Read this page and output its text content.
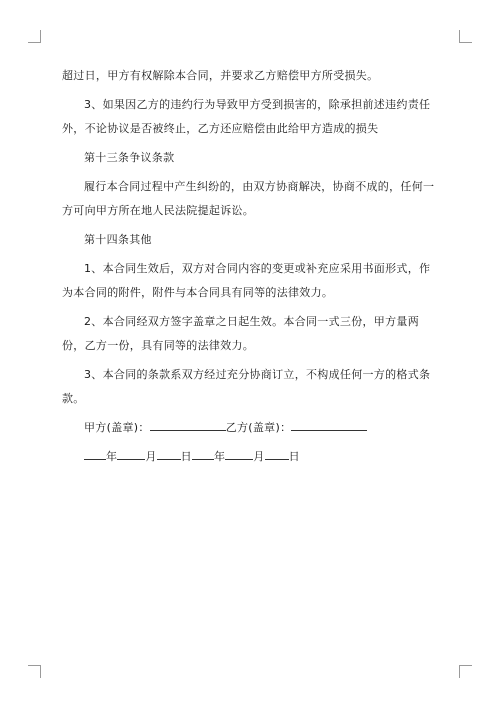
超过日，甲方有权解除本合同，并要求乙方赔偿甲方所受损失。

3、如果因乙方的违约行为导致甲方受到损害的，除承担前述违约责任外，不论协议是否被终止，乙方还应赔偿由此给甲方造成的损失

第十三条争议条款

履行本合同过程中产生纠纷的，由双方协商解决，协商不成的，任何一方可向甲方所在地人民法院提起诉讼。

第十四条其他

1、本合同生效后，双方对合同内容的变更或补充应采用书面形式，作为本合同的附件，附件与本合同具有同等的法律效力。

2、本合同经双方签字盖章之日起生效。本合同一式三份，甲方量两份，乙方一份，具有同等的法律效力。

3、本合同的条款系双方经过充分协商订立，不构成任何一方的格式条款。

甲方(盖章)：	乙方(盖章)：
年	月 日 年	月 日
